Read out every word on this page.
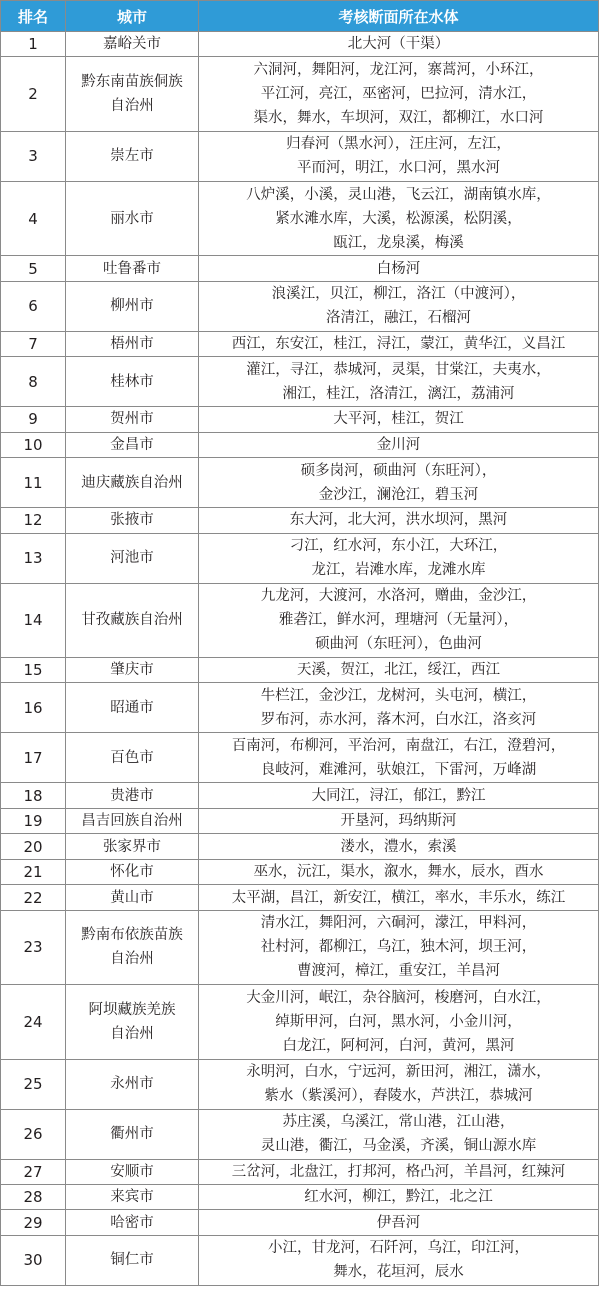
排名	城市	考核断面所在水体
1	嘉峪关市	北大河（干渠）

2	黔东南苗族侗族
自治州	六洞河，舞阳河，龙江河，寨蒿河，小环江，
平江河，亮江，巫密河，巴拉河，清水江，
渠水，舞水，车坝河，双江，都柳江，水口河

3	崇左市	归春河（黑水河），汪庄河，左江，
平而河，明江，水口河，黑水河

4	丽水市	八炉溪，小溪，灵山港，飞云江，湖南镇水库，
紧水滩水库，大溪，松源溪，松阴溪，
瓯江，龙泉溪，梅溪

5	吐鲁番市	白杨河

6	柳州市	浪溪江，贝江，柳江，洛江（中渡河），
洛清江，融江，石榴河

7	梧州市	西江，东安江，桂江，浔江，蒙江，黄华江，义昌江

8	桂林市	灌江，寻江，恭城河，灵渠，甘棠江，夫夷水，
湘江，桂江，洛清江，漓江，荔浦河

9	贺州市	大平河，桂江，贺江

10	金昌市	金川河

11	迪庆藏族自治州	硕多岗河，硕曲河（东旺河），
金沙江，澜沧江，碧玉河

12	张掖市	东大河，北大河，洪水坝河，黑河

13	河池市	刁江，红水河，东小江，大环江，
龙江，岩滩水库，龙滩水库

14	甘孜藏族自治州	九龙河，大渡河，水洛河，赠曲，金沙江，
雅砻江，鲜水河，理塘河（无量河），
硕曲河（东旺河），色曲河

15	肇庆市	天溪，贺江，北江，绥江，西江

16	昭通市	牛栏江，金沙江，龙树河，头屯河，横江，
罗布河，赤水河，落木河，白水江，洛亥河

17	百色市	百南河，布柳河，平治河，南盘江，右江，澄碧河，
良岐河，难滩河，驮娘江，下雷河，万峰湖

18	贵港市	大同江，浔江，郁江，黔江

19	昌吉回族自治州	开垦河，玛纳斯河

20	张家界市	溇水，澧水，索溪

21	怀化市	巫水，沅江，渠水，溆水，舞水，辰水，酉水

22	黄山市	太平湖，昌江，新安江，横江，率水，丰乐水，练江

23	黔南布依族苗族
自治州	清水江，舞阳河，六硐河，濛江，甲料河，
社村河，都柳江，乌江，独木河，坝王河，
曹渡河，樟江，重安江，羊昌河

24	阿坝藏族羌族
自治州	大金川河，岷江，杂谷脑河，梭磨河，白水江，
绰斯甲河，白河，黑水河，小金川河，
白龙江，阿柯河，白河，黄河，黑河

25	永州市	永明河，白水，宁远河，新田河，湘江，潇水，
紫水（紫溪河），舂陵水，芦洪江，恭城河

26	衢州市	苏庄溪，乌溪江，常山港，江山港，
灵山港，衢江，马金溪，齐溪，铜山源水库

27	安顺市	三岔河，北盘江，打邦河，格凸河，羊昌河，红辣河

28	来宾市	红水河，柳江，黔江，北之江

29	哈密市	伊吾河

30	铜仁市	小江，甘龙河，石阡河，乌江，印江河，
舞水，花垣河，辰水
